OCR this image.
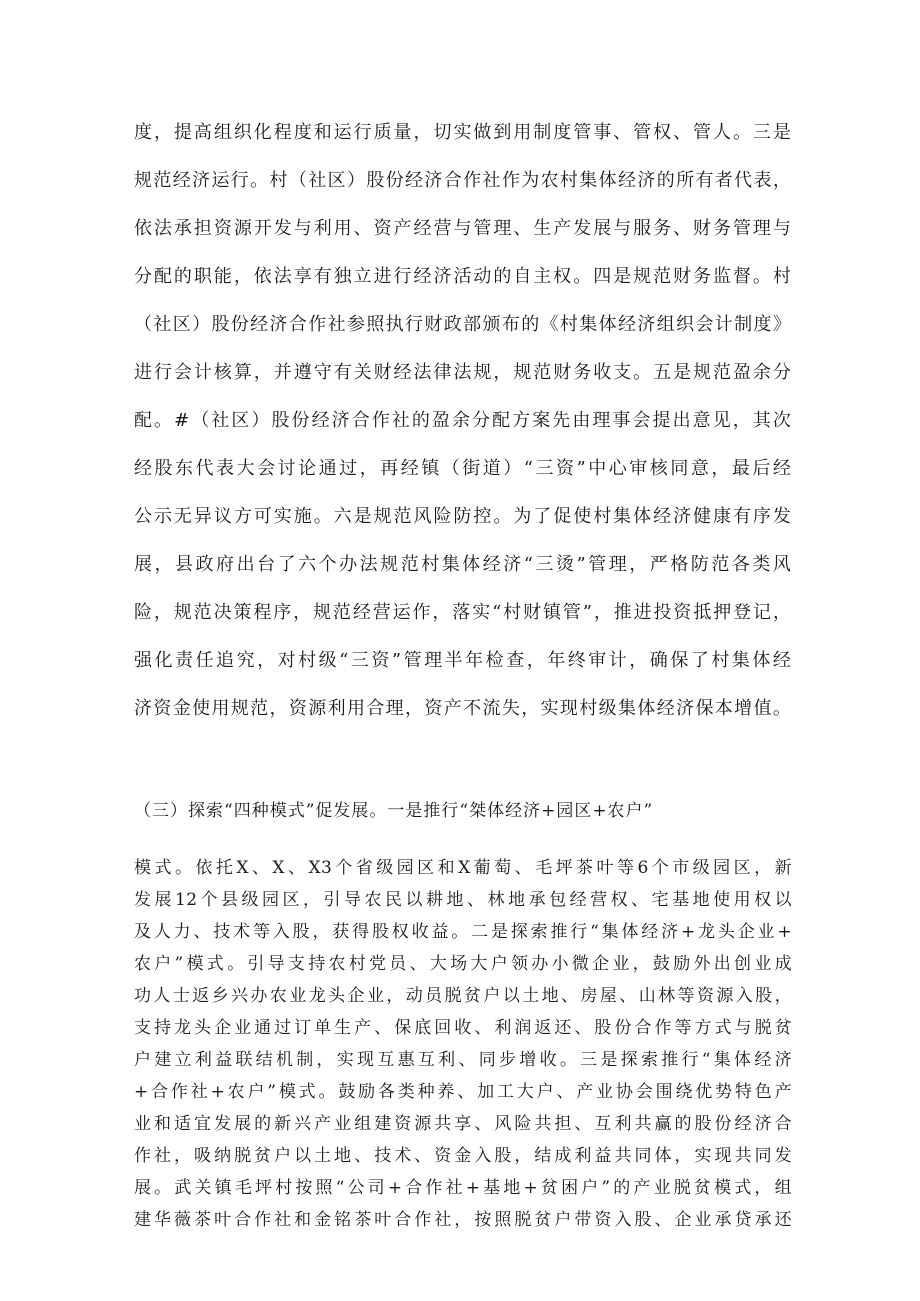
度，提高组织化程度和运行质量，切实做到用制度管事、管权、管人。三是
规范经济运行。村（社区）股份经济合作社作为农村集体经济的所有者代表，
依法承担资源开发与利用、资产经营与管理、生产发展与服务、财务管理与
分配的职能，依法享有独立进行经济活动的自主权。四是规范财务监督。村
（社区）股份经济合作社参照执行财政部颁布的《村集体经济组织会计制度》
进行会计核算，并遵守有关财经法律法规，规范财务收支。五是规范盈余分
配。#（社区）股份经济合作社的盈余分配方案先由理事会提出意见，其次
经股东代表大会讨论通过，再经镇（街道）“三资”中心审核同意，最后经
公示无异议方可实施。六是规范风险防控。为了促使村集体经济健康有序发
展，县政府出台了六个办法规范村集体经济“三烫”管理，严格防范各类风
险，规范决策程序，规范经营运作，落实“村财镇管”，推进投资抵押登记，
强化责任追究，对村级“三资”管理半年检查，年终审计，确保了村集体经
济资金使用规范，资源利用合理，资产不流失，实现村级集体经济保本增值。
（三）探索“四种模式”促发展。一是推行“桀体经济+园区+农户”
模式。依托X、X、X3个省级园区和X葡萄、毛坪茶叶等6个市级园区，新
发展12个县级园区，引导农民以耕地、林地承包经营权、宅基地使用权以
及人力、技术等入股，获得股权收益。二是探索推行“集体经济+龙头企业+
农户”模式。引导支持农村党员、大场大户领办小微企业，鼓励外出创业成
功人士返乡兴办农业龙头企业，动员脱贫户以土地、房屋、山林等资源入股，
支持龙头企业通过订单生产、保底回收、利润返还、股份合作等方式与脱贫
户建立利益联结机制，实现互惠互利、同步增收。三是探索推行“集体经济
+合作社+农户”模式。鼓励各类种养、加工大户、产业协会围绕优势特色产
业和适宜发展的新兴产业组建资源共享、风险共担、互利共赢的股份经济合
作社，吸纳脱贫户以土地、技术、资金入股，结成利益共同体，实现共同发
展。武关镇毛坪村按照“公司+合作社+基地+贫困户”的产业脱贫模式，组
建华薇茶叶合作社和金铭茶叶合作社，按照脱贫户带资入股、企业承贷承还
